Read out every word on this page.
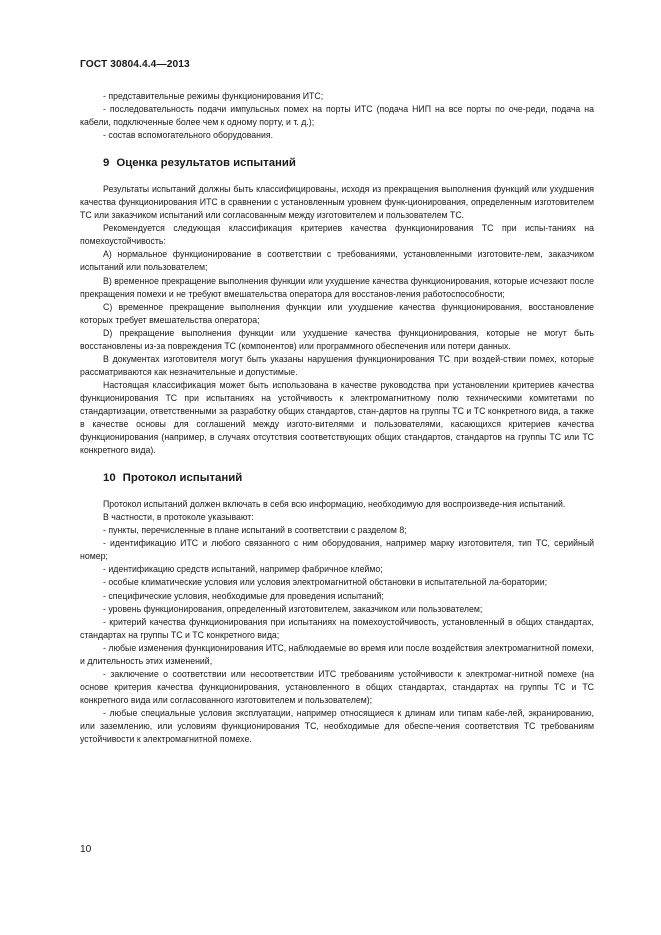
ГОСТ 30804.4.4—2013

- представительные режимы функционирования ИТС;

- последовательность подачи импульсных помех на порты ИТС (подача НИП на все порты по оче-реди, подача на кабели, подключенные более чем к одному порту, и т. д.);

- состав вспомогательного оборудования.

9 Оценка результатов испытаний

Результаты испытаний должны быть классифицированы, исходя из прекращения выполнения функций или ухудшения качества функционирования ИТС в сравнении с установленным уровнем функ-ционирования, определенным изготовителем ТС или заказчиком испытаний или согласованным между изготовителем и пользователем ТС.

Рекомендуется следующая классификация критериев качества функционирования ТС при испы-таниях на помехоустойчивость:

А) нормальное функционирование в соответствии с требованиями, установленными изготовите-лем, заказчиком испытаний или пользователем;

В) временное прекращение выполнения функции или ухудшение качества функционирования, которые исчезают после прекращения помехи и не требуют вмешательства оператора для восстанов-ления работоспособности;

С) временное прекращение выполнения функции или ухудшение качества функционирования, восстановление которых требует вмешательства оператора;

D) прекращение выполнения функции или ухудшение качества функционирования, которые не могут быть восстановлены из-за повреждения ТС (компонентов) или программного обеспечения или потери данных.

В документах изготовителя могут быть указаны нарушения функционирования ТС при воздей-ствии помех, которые рассматриваются как незначительные и допустимые.

Настоящая классификация может быть использована в качестве руководства при установлении критериев качества функционирования ТС при испытаниях на устойчивость к электромагнитному полю техническими комитетами по стандартизации, ответственными за разработку общих стандартов, стан-дартов на группы ТС и ТС конкретного вида, а также в качестве основы для соглашений между изгото-вителями и пользователями, касающихся критериев качества функционирования (например, в случаях отсутствия соответствующих общих стандартов, стандартов на группы ТС или ТС конкретного вида).

10 Протокол испытаний

Протокол испытаний должен включать в себя всю информацию, необходимую для воспроизведе-ния испытаний.

В частности, в протоколе указывают:

- пункты, перечисленные в плане испытаний в соответствии с разделом 8;

- идентификацию ИТС и любого связанного с ним оборудования, например марку изготовителя, тип ТС, серийный номер;

- идентификацию средств испытаний, например фабричное клеймо;

- особые климатические условия или условия электромагнитной обстановки в испытательной ла-боратории;

- специфические условия, необходимые для проведения испытаний;

- уровень функционирования, определенный изготовителем, заказчиком или пользователем;

- критерий качества функционирования при испытаниях на помехоустойчивость, установленный в общих стандартах, стандартах на группы ТС и ТС конкретного вида;

- любые изменения функционирования ИТС, наблюдаемые во время или после воздействия электромагнитной помехи, и длительность этих изменений,

- заключение о соответствии или несоответствии ИТС требованиям устойчивости к электромаг-нитной помехе (на основе критерия качества функционирования, установленного в общих стандартах, стандартах на группы ТС и ТС конкретного вида или согласованного изготовителем и пользователем);

- любые специальные условия эксплуатации, например относящиеся к длинам или типам кабе-лей, экранированию, или заземлению, или условиям функционирования ТС, необходимые для обеспе-чения соответствия ТС требованиям устойчивости к электромагнитной помехе.

10
